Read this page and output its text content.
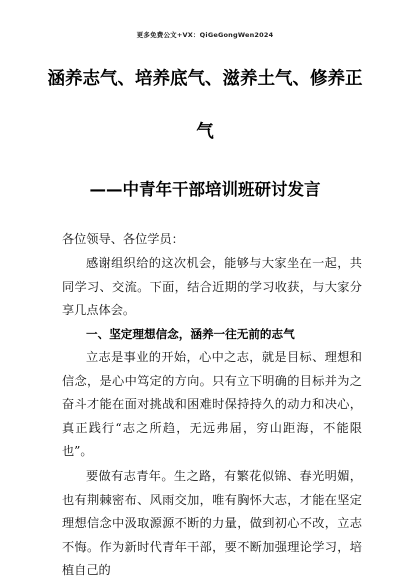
更多免费公文+VX：QiGeGongWen2024
涵养志气、培养底气、滋养土气、修养正
气
——中青年干部培训班研讨发言
各位领导、各位学员：

感谢组织给的这次机会，能够与大家坐在一起，共同学习、交流。下面，结合近期的学习收获，与大家分享几点体会。

一、坚定理想信念，涵养一往无前的志气

立志是事业的开始，心中之志，就是目标、理想和信念，是心中笃定的方向。只有立下明确的目标并为之奋斗才能在面对挑战和困难时保持持久的动力和决心，真正践行“志之所趋，无远弗届，穷山距海，不能限也”。

要做有志青年。生之路，有繁花似锦、春光明媚，也有荆棘密布、风雨交加，唯有胸怀大志，才能在坚定理想信念中汲取源源不断的力量，做到初心不改，立志不悔。作为新时代青年干部，要不断加强理论学习，培植自己的
